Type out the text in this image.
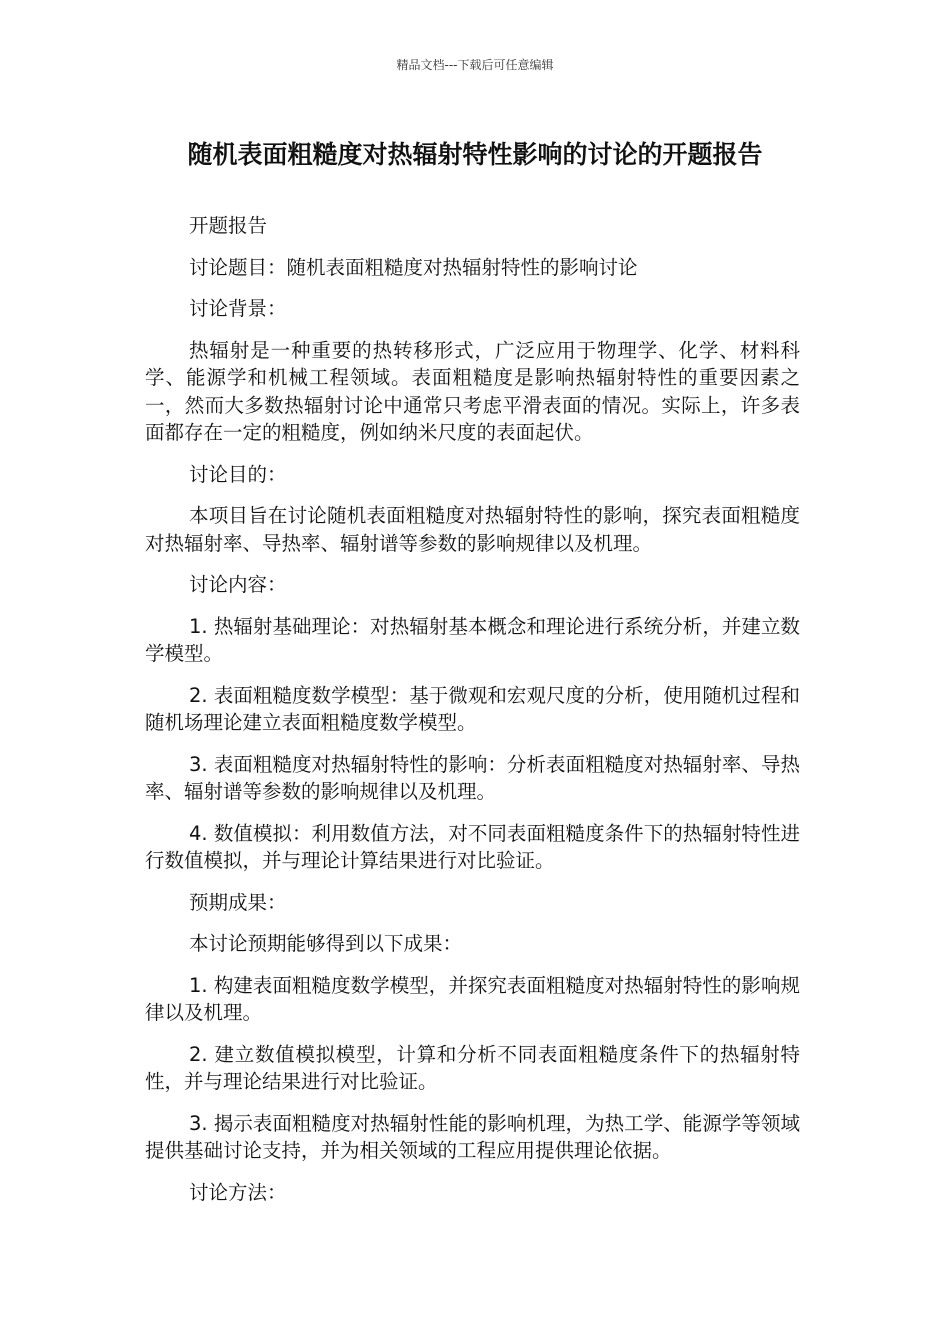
精品文档---下载后可任意编辑
随机表面粗糙度对热辐射特性影响的讨论的开题报告

开题报告

讨论题目：随机表面粗糙度对热辐射特性的影响讨论

讨论背景：

热辐射是一种重要的热转移形式，广泛应用于物理学、化学、材料科学、能源学和机械工程领域。表面粗糙度是影响热辐射特性的重要因素之一，然而大多数热辐射讨论中通常只考虑平滑表面的情况。实际上，许多表面都存在一定的粗糙度，例如纳米尺度的表面起伏。

讨论目的：

本项目旨在讨论随机表面粗糙度对热辐射特性的影响，探究表面粗糙度对热辐射率、导热率、辐射谱等参数的影响规律以及机理。

讨论内容：

1. 热辐射基础理论：对热辐射基本概念和理论进行系统分析，并建立数学模型。

2. 表面粗糙度数学模型：基于微观和宏观尺度的分析，使用随机过程和随机场理论建立表面粗糙度数学模型。

3. 表面粗糙度对热辐射特性的影响：分析表面粗糙度对热辐射率、导热率、辐射谱等参数的影响规律以及机理。

4. 数值模拟：利用数值方法，对不同表面粗糙度条件下的热辐射特性进行数值模拟，并与理论计算结果进行对比验证。

预期成果：

本讨论预期能够得到以下成果：

1. 构建表面粗糙度数学模型，并探究表面粗糙度对热辐射特性的影响规律以及机理。

2. 建立数值模拟模型，计算和分析不同表面粗糙度条件下的热辐射特性，并与理论结果进行对比验证。

3. 揭示表面粗糙度对热辐射性能的影响机理，为热工学、能源学等领域提供基础讨论支持，并为相关领域的工程应用提供理论依据。

讨论方法：
